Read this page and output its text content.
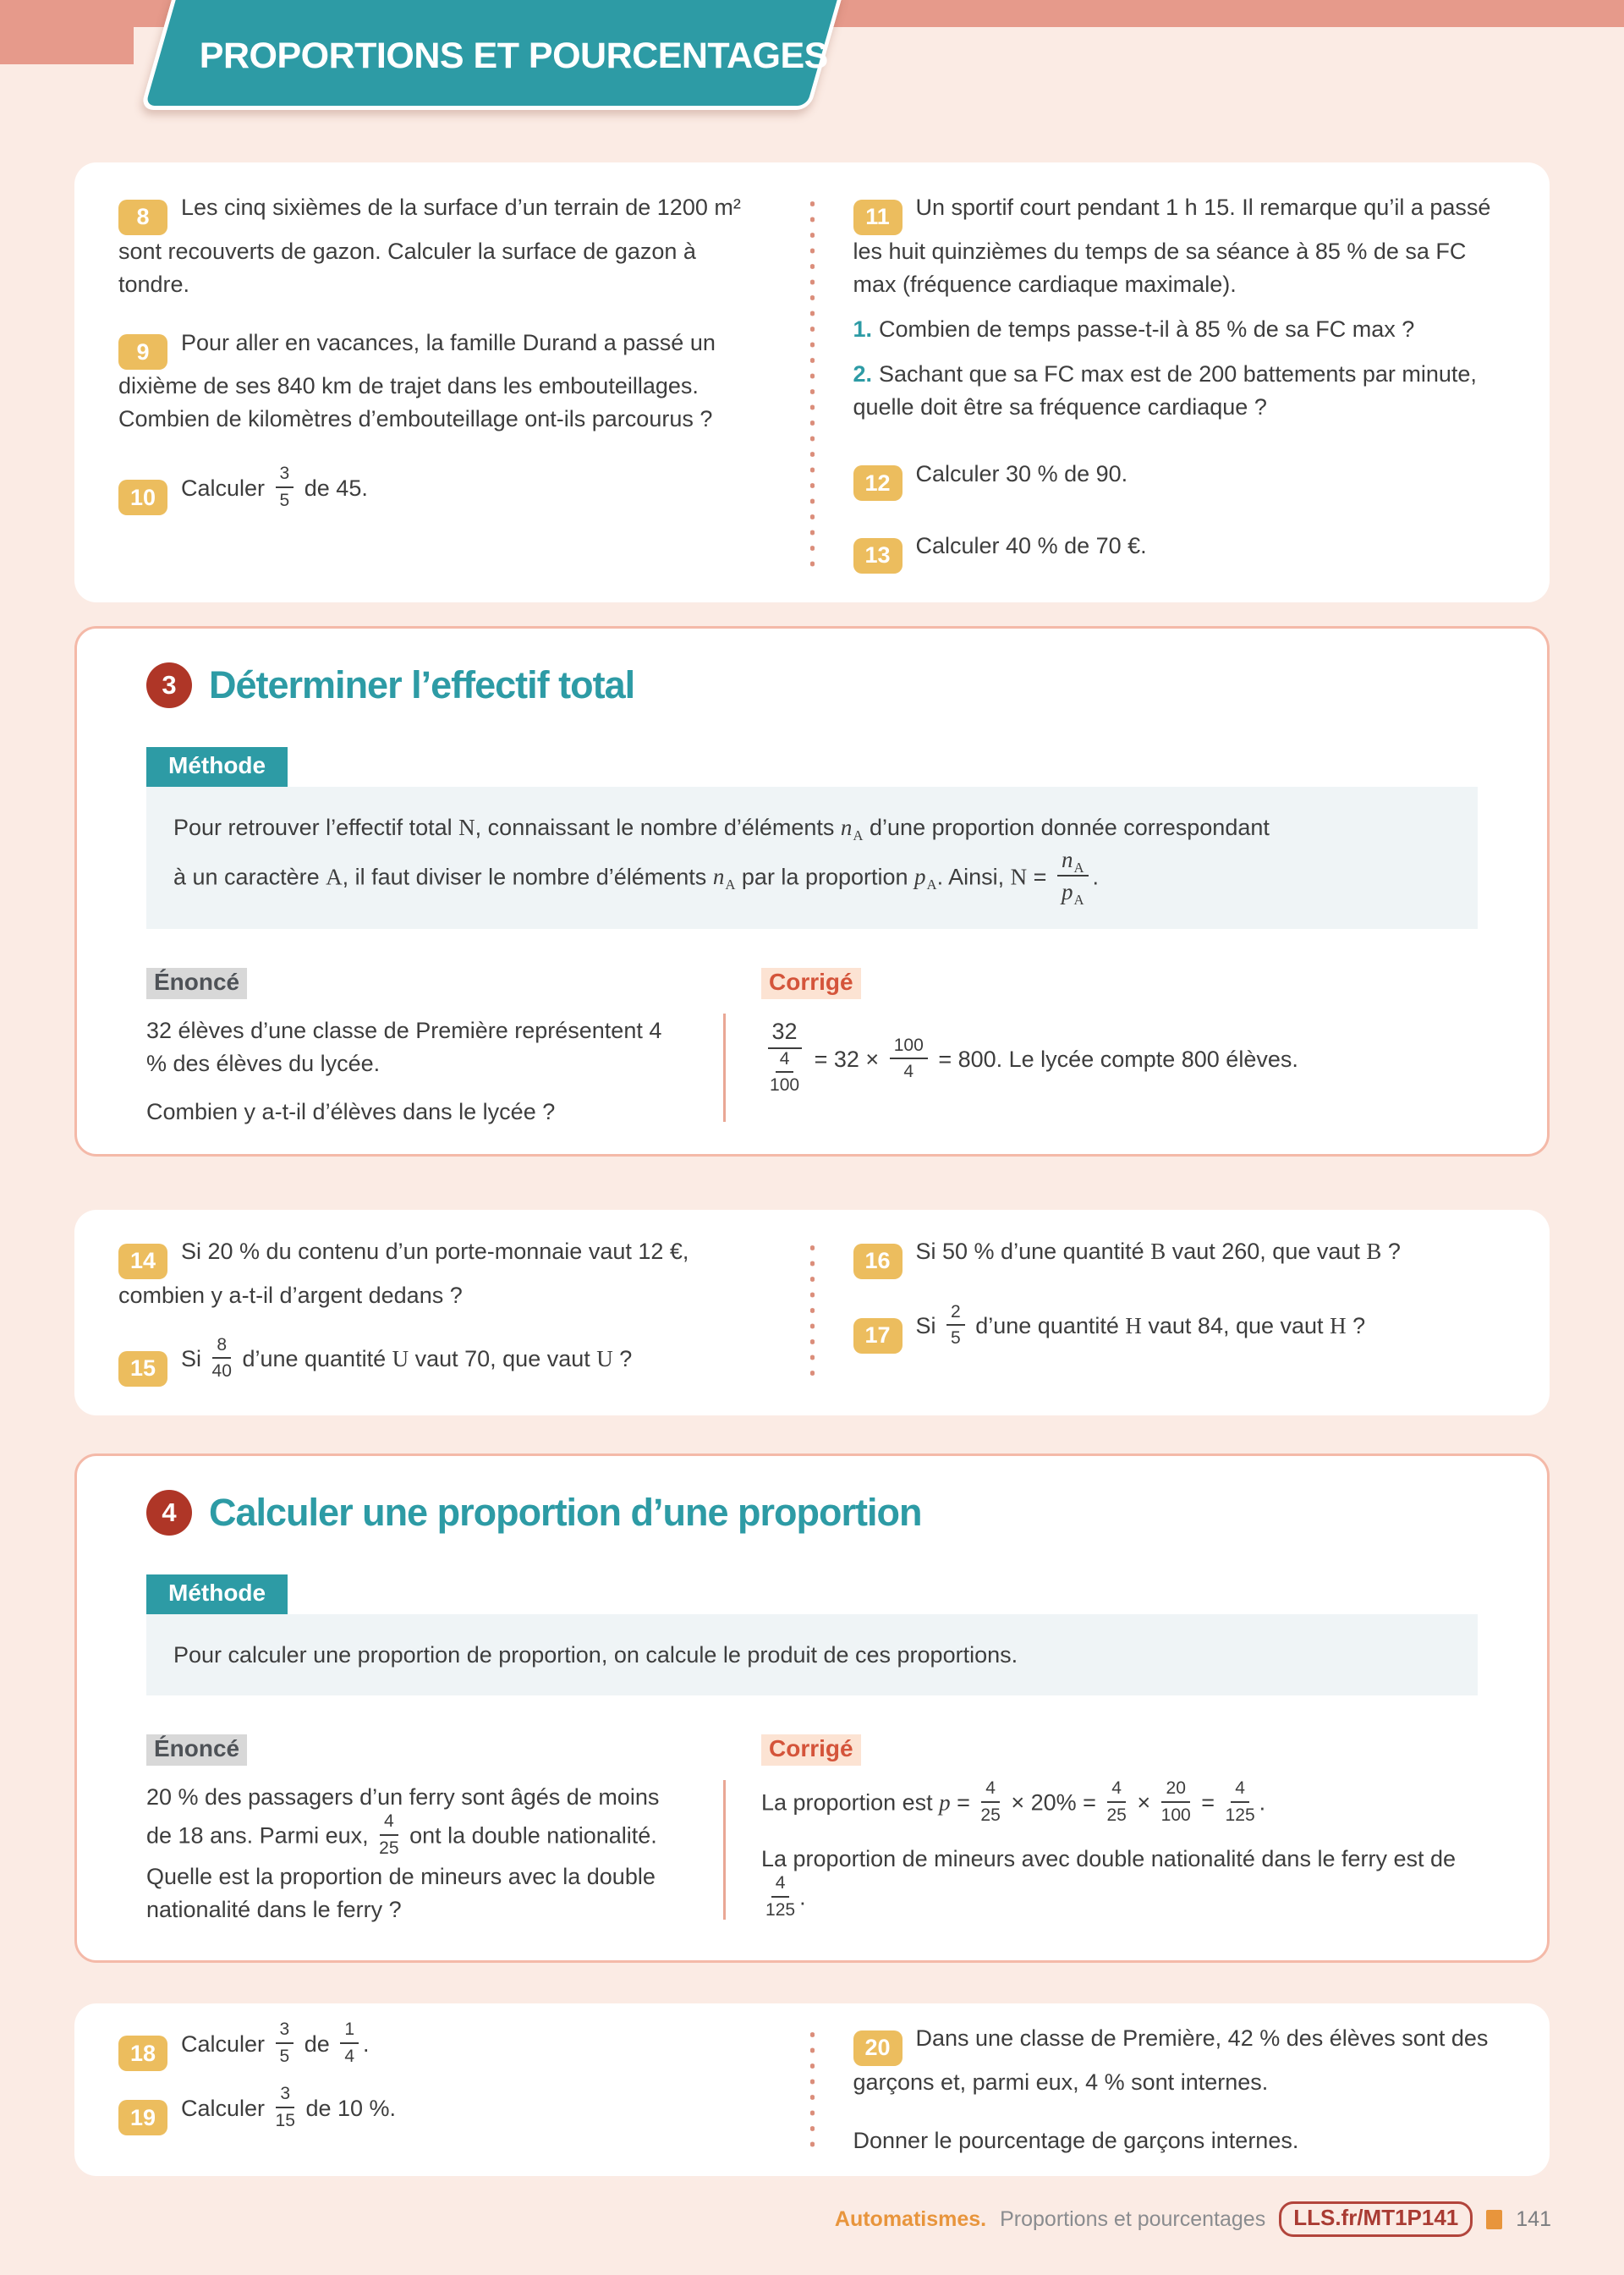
PROPORTIONS ET POURCENTAGES

8 Les cinq sixièmes de la surface d’un terrain de 1200 m² sont recouverts de gazon. Calculer la surface de gazon à tondre.

9 Pour aller en vacances, la famille Durand a passé un dixième de ses 840 km de trajet dans les embouteillages. Combien de kilomètres d’embouteillage ont-ils parcourus ?

10 Calculer $\frac{3}{5}$ de 45.

11 Un sportif court pendant 1 h 15. Il remarque qu’il a passé les huit quinzièmes du temps de sa séance à 85 % de sa FC max (fréquence cardiaque maximale).

1. Combien de temps passe-t-il à 85 % de sa FC max ?

2. Sachant que sa FC max est de 200 battements par minute, quelle doit être sa fréquence cardiaque ?

12 Calculer 30 % de 90.

13 Calculer 40 % de 70 €.

3 Déterminer l’effectif total
Méthode
Pour retrouver l’effectif total N, connaissant le nombre d’éléments $n_A$ d’une proportion donnée correspondant
à un caractère A, il faut diviser le nombre d’éléments $n_A$ par la proportion $p_A$. Ainsi, $N = \frac{n_A}{p_A}$ .
Énoncé

32 élèves d’une classe de Première représentent 4 % des élèves du lycée.

Combien y a-t-il d’élèves dans le lycée ?

Corrigé

$\frac{32}{\frac{4}{100}} = 32 \times \frac{100}{4} = 800$. Le lycée compte 800 élèves.

14 Si 20 % du contenu d’un porte-monnaie vaut 12 €, combien y a-t-il d’argent dedans ?

15 Si $\frac{8}{40}$ d’une quantité U vaut 70, que vaut U ?

16 Si 50 % d’une quantité B vaut 260, que vaut B ?

17 Si $\frac{2}{5}$ d’une quantité H vaut 84, que vaut H ?

4 Calculer une proportion d’une proportion
Méthode
Pour calculer une proportion de proportion, on calcule le produit de ces proportions.
Énoncé

20 % des passagers d’un ferry sont âgés de moins de 18 ans. Parmi eux, $\frac{4}{25}$ ont la double nationalité. Quelle est la proportion de mineurs avec la double nationalité dans le ferry ?

Corrigé

La proportion est $p = \frac{4}{25} \times 20\% = \frac{4}{25} \times \frac{20}{100} = \frac{4}{125}$ .

La proportion de mineurs avec double nationalité dans le ferry est de
$\frac{4}{125}$ .

18 Calculer $\frac{3}{5}$ de $\frac{1}{4}$ .

19 Calculer $\frac{3}{15}$ de 10 %.

20 Dans une classe de Première, 42 % des élèves sont des garçons et, parmi eux, 4 % sont internes.

Donner le pourcentage de garçons internes.

Automatismes. Proportions et pourcentages	LLS.fr/MT1P141	141
